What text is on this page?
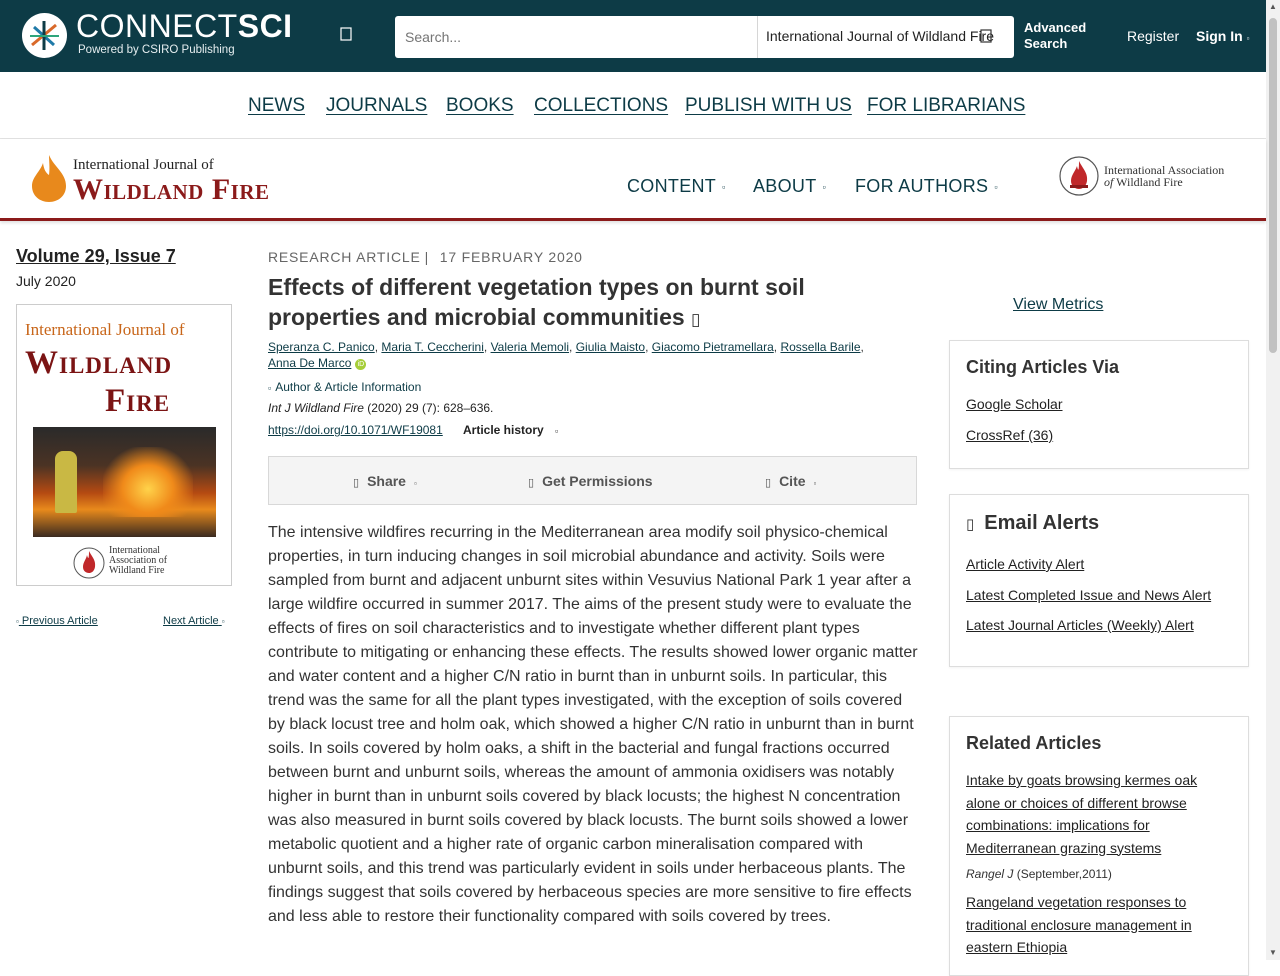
CONNECTSCI
Powered by CSIRO Publishing
Search...
International Journal of Wildland Fire
Advanced Search	Register Sign In ▫
▲
▼
NEWS JOURNALS BOOKS COLLECTIONS PUBLISH WITH US FOR LIBRARIANS
International Journal of
Wildland Fire	CONTENT ▫ ABOUT ▫ FOR AUTHORS ▫
International Association
of Wildland Fire
Volume 29, Issue 7
July 2020
International Journal of
Wildland
Fire
International Association of Wildland Fire
▫ Previous Article	Next Article ▫
RESEARCH ARTICLE | 17 FEBRUARY 2020
Effects of different vegetation types on burnt soil properties and microbial communities ▯
Speranza C. Panico, Maria T. Ceccherini, Valeria Memoli, Giulia Maisto, Giacomo Pietramellara, Rossella Barile,
Anna De Marco iD
▫ Author & Article Information
Int J Wildland Fire (2020) 29 (7): 628–636.
https://doi.org/10.1071/WF19081 Article history ▫
▯ Share ▫	▯ Get Permissions	▯ Cite ▫
The intensive wildfires recurring in the Mediterranean area modify soil physico-chemical properties, in turn inducing changes in soil microbial abundance and activity. Soils were sampled from burnt and adjacent unburnt sites within Vesuvius National Park 1 year after a large wildfire occurred in summer 2017. The aims of the present study were to evaluate the effects of fires on soil characteristics and to investigate whether different plant types contribute to mitigating or enhancing these effects. The results showed lower organic matter and water content and a higher C/N ratio in burnt than in unburnt soils. In particular, this trend was the same for all the plant types investigated, with the exception of soils covered by black locust tree and holm oak, which showed a higher C/N ratio in unburnt than in burnt soils. In soils covered by holm oaks, a shift in the bacterial and fungal fractions occurred between burnt and unburnt soils, whereas the amount of ammonia oxidisers was notably higher in burnt than in unburnt soils covered by black locusts; the highest N concentration was also measured in burnt soils covered by black locusts. The burnt soils showed a lower metabolic quotient and a higher rate of organic carbon mineralisation compared with unburnt soils, and this trend was particularly evident in soils under herbaceous plants. The findings suggest that soils covered by herbaceous species are more sensitive to fire effects and less able to restore their functionality compared with soils covered by trees.
View Metrics
Citing Articles Via
Google Scholar
CrossRef (36)
▯ Email Alerts
Article Activity Alert
Latest Completed Issue and News Alert
Latest Journal Articles (Weekly) Alert
Related Articles
Intake by goats browsing kermes oak alone or choices of different browse combinations: implications for Mediterranean grazing systems
Rangel J (September,2011)
Rangeland vegetation responses to traditional enclosure management in eastern Ethiopia
